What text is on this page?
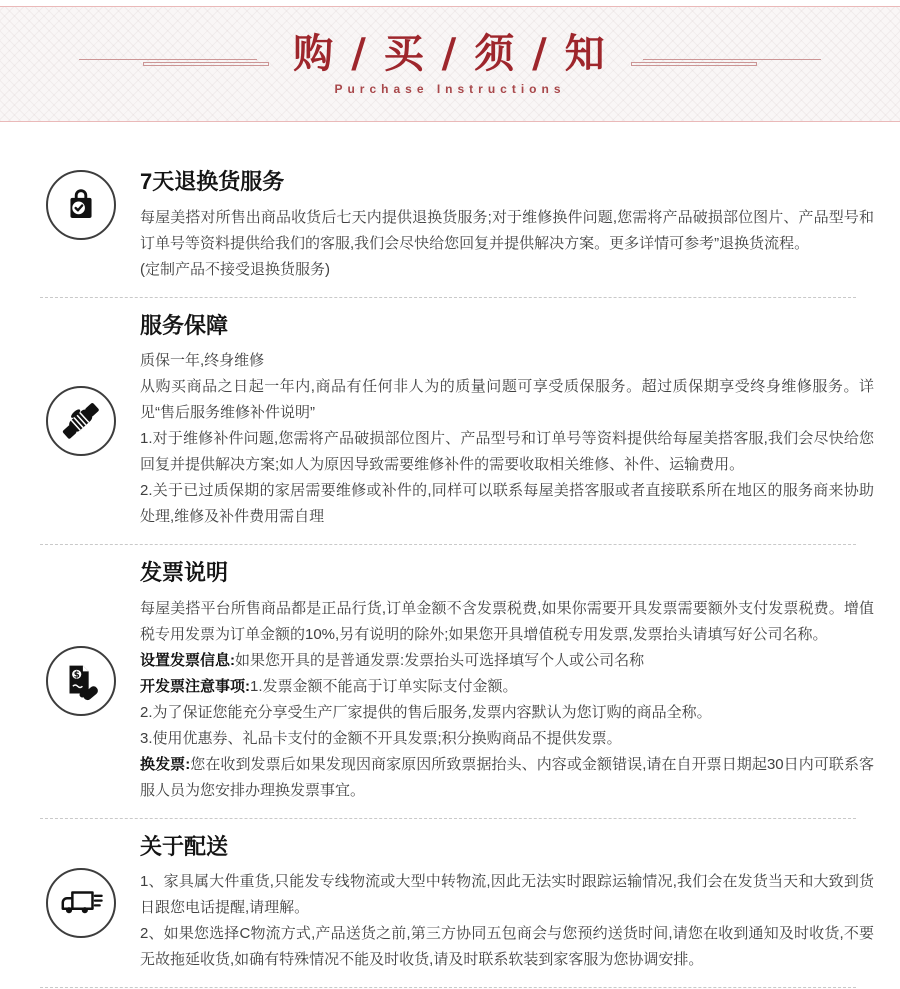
购 / 买 / 须 / 知
Purchase Instructions
7天退换货服务

每屋美搭对所售出商品收货后七天内提供退换货服务;对于维修换件问题,您需将产品破损部位图片、产品型号和订单号等资料提供给我们的客服,我们会尽快给您回复并提供解决方案。更多详情可参考”退换货流程。

(定制产品不接受退换货服务)

服务保障

质保一年,终身维修

从购买商品之日起一年内,商品有任何非人为的质量问题可享受质保服务。超过质保期享受终身维修服务。详见“售后服务维修补件说明”

1.对于维修补件问题,您需将产品破损部位图片、产品型号和订单号等资料提供给每屋美搭客服,我们会尽快给您回复并提供解决方案;如人为原因导致需要维修补件的需要收取相关维修、补件、运输费用。

2.关于已过质保期的家居需要维修或补件的,同样可以联系每屋美搭客服或者直接联系所在地区的服务商来协助处理,维修及补件费用需自理

$
发票说明

每屋美搭平台所售商品都是正品行货,订单金额不含发票税费,如果你需要开具发票需要额外支付发票税费。增值税专用发票为订单金额的10%,另有说明的除外;如果您开具增值税专用发票,发票抬头请填写好公司名称。

设置发票信息:如果您开具的是普通发票:发票抬头可选择填写个人或公司名称

开发票注意事项:1.发票金额不能高于订单实际支付金额。

2.为了保证您能充分享受生产厂家提供的售后服务,发票内容默认为您订购的商品全称。

3.使用优惠券、礼品卡支付的金额不开具发票;积分换购商品不提供发票。

换发票:您在收到发票后如果发现因商家原因所致票据抬头、内容或金额错误,请在自开票日期起30日内可联系客服人员为您安排办理换发票事宜。

关于配送

1、家具属大件重货,只能发专线物流或大型中转物流,因此无法实时跟踪运输情况,我们会在发货当天和大致到货日跟您电话提醒,请理解。

2、如果您选择C物流方式,产品送货之前,第三方协同五包商会与您预约送货时间,请您在收到通知及时收货,不要无故拖延收货,如确有特殊情况不能及时收货,请及时联系软装到家客服为您协调安排。
